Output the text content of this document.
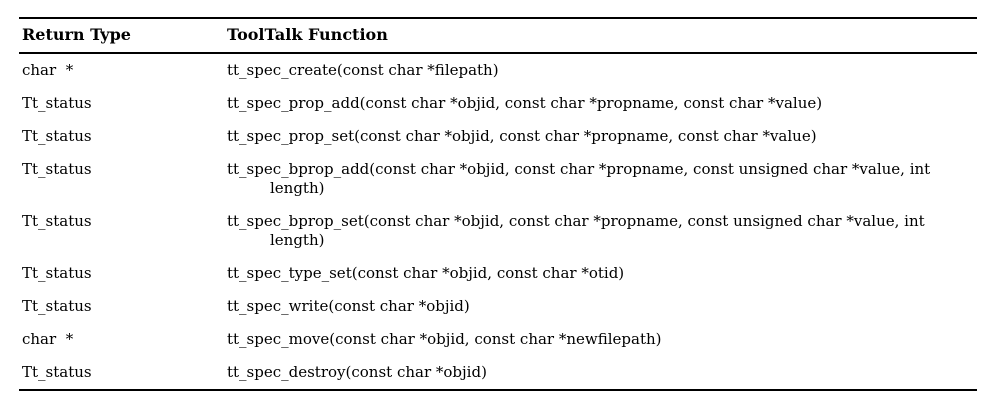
Return Type	ToolTalk Function
char  *	tt_spec_create(const char *filepath)
Tt_status	tt_spec_prop_add(const char *objid, const char *propname, const char *value)
Tt_status	tt_spec_prop_set(const char *objid, const char *propname, const char *value)
Tt_status	tt_spec_bprop_add(const char *objid, const char *propname, const unsigned char *value, int
length)
Tt_status	tt_spec_bprop_set(const char *objid, const char *propname, const unsigned char *value, int
length)
Tt_status	tt_spec_type_set(const char *objid, const char *otid)
Tt_status	tt_spec_write(const char *objid)
char  *	tt_spec_move(const char *objid, const char *newfilepath)
Tt_status	tt_spec_destroy(const char *objid)
